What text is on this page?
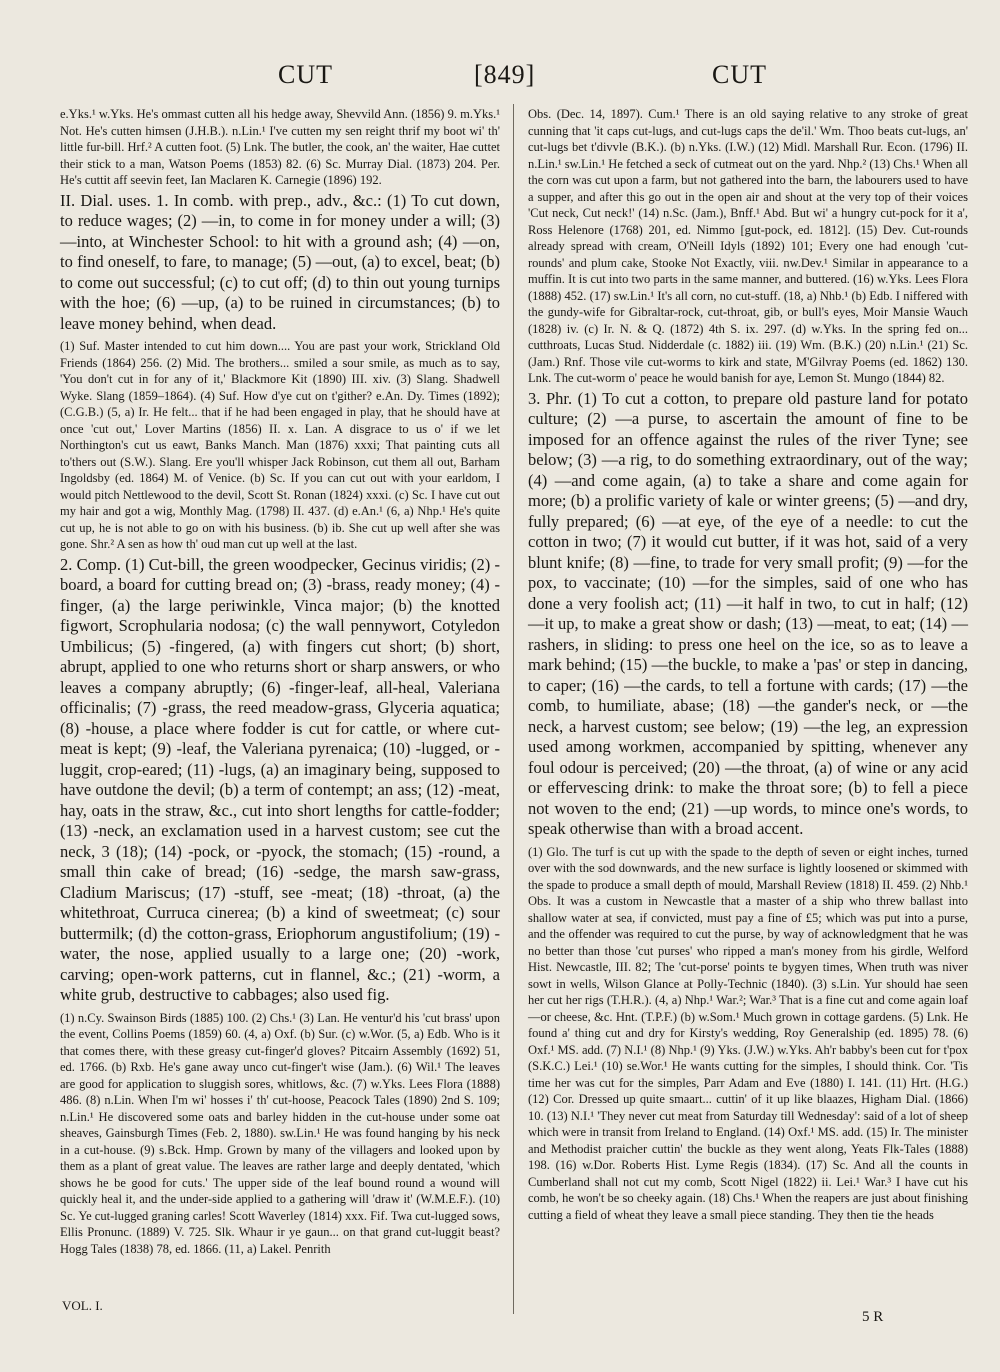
CUT	[849]	CUT

e.Yks.¹ w.Yks. He's ommast cutten all his hedge away, Shevvild Ann. (1856) 9. m.Yks.¹ Not. He's cutten himsen (J.H.B.). n.Lin.¹ I've cutten my sen reight thrif my boot wi' th' little fur-bill. Hrf.² A cutten foot. (5) Lnk. The butler, the cook, an' the waiter, Hae cuttet their stick to a man, Watson Poems (1853) 82. (6) Sc. Murray Dial. (1873) 204. Per. He's cuttit aff seevin feet, Ian Maclaren K. Carnegie (1896) 192.

II. Dial. uses. 1. In comb. with prep., adv., &c.: (1) To cut down, to reduce wages; (2) —in, to come in for money under a will; (3) —into, at Winchester School: to hit with a ground ash; (4) —on, to find oneself, to fare, to manage; (5) —out, (a) to excel, beat; (b) to come out successful; (c) to cut off; (d) to thin out young turnips with the hoe; (6) —up, (a) to be ruined in circumstances; (b) to leave money behind, when dead.

(1) Suf. Master intended to cut him down.... You are past your work, Strickland Old Friends (1864) 256. (2) Mid. The brothers... smiled a sour smile, as much as to say, 'You don't cut in for any of it,' Blackmore Kit (1890) III. xiv. (3) Slang. Shadwell Wyke. Slang (1859–1864). (4) Suf. How d'ye cut on t'gither? e.An. Dy. Times (1892); (C.G.B.) (5, a) Ir. He felt... that if he had been engaged in play, that he should have at once 'cut out,' Lover Martins (1856) II. x. Lan. A disgrace to us o' if we let Northington's cut us eawt, Banks Manch. Man (1876) xxxi; That painting cuts all to'thers out (S.W.). Slang. Ere you'll whisper Jack Robinson, cut them all out, Barham Ingoldsby (ed. 1864) M. of Venice. (b) Sc. If you can cut out with your earldom, I would pitch Nettlewood to the devil, Scott St. Ronan (1824) xxxi. (c) Sc. I have cut out my hair and got a wig, Monthly Mag. (1798) II. 437. (d) e.An.¹ (6, a) Nhp.¹ He's quite cut up, he is not able to go on with his business. (b) ib. She cut up well after she was gone. Shr.² A sen as how th' oud man cut up well at the last.

2. Comp. (1) Cut-bill, the green woodpecker, Gecinus viridis; (2) -board, a board for cutting bread on; (3) -brass, ready money; (4) -finger, (a) the large periwinkle, Vinca major; (b) the knotted figwort, Scrophularia nodosa; (c) the wall pennywort, Cotyledon Umbilicus; (5) -fingered, (a) with fingers cut short; (b) short, abrupt, applied to one who returns short or sharp answers, or who leaves a company abruptly; (6) -finger-leaf, all-heal, Valeriana officinalis; (7) -grass, the reed meadow-grass, Glyceria aquatica; (8) -house, a place where fodder is cut for cattle, or where cut-meat is kept; (9) -leaf, the Valeriana pyrenaica; (10) -lugged, or -luggit, crop-eared; (11) -lugs, (a) an imaginary being, supposed to have outdone the devil; (b) a term of contempt; an ass; (12) -meat, hay, oats in the straw, &c., cut into short lengths for cattle-fodder; (13) -neck, an exclamation used in a harvest custom; see cut the neck, 3 (18); (14) -pock, or -pyock, the stomach; (15) -round, a small thin cake of bread; (16) -sedge, the marsh saw-grass, Cladium Mariscus; (17) -stuff, see -meat; (18) -throat, (a) the whitethroat, Curruca cinerea; (b) a kind of sweetmeat; (c) sour buttermilk; (d) the cotton-grass, Eriophorum angustifolium; (19) -water, the nose, applied usually to a large one; (20) -work, carving; open-work patterns, cut in flannel, &c.; (21) -worm, a white grub, destructive to cabbages; also used fig.

(1) n.Cy. Swainson Birds (1885) 100. (2) Chs.¹ (3) Lan. He ventur'd his 'cut brass' upon the event, Collins Poems (1859) 60. (4, a) Oxf. (b) Sur. (c) w.Wor. (5, a) Edb. Who is it that comes there, with these greasy cut-finger'd gloves? Pitcairn Assembly (1692) 51, ed. 1766. (b) Rxb. He's gane away unco cut-finger't wise (Jam.). (6) Wil.¹ The leaves are good for application to sluggish sores, whitlows, &c. (7) w.Yks. Lees Flora (1888) 486. (8) n.Lin. When I'm wi' hosses i' th' cut-hoose, Peacock Tales (1890) 2nd S. 109; n.Lin.¹ He discovered some oats and barley hidden in the cut-house under some oat sheaves, Gainsburgh Times (Feb. 2, 1880). sw.Lin.¹ He was found hanging by his neck in a cut-house. (9) s.Bck. Hmp. Grown by many of the villagers and looked upon by them as a plant of great value. The leaves are rather large and deeply dentated, 'which shows he be good for cuts.' The upper side of the leaf bound round a wound will quickly heal it, and the under-side applied to a gathering will 'draw it' (W.M.E.F.). (10) Sc. Ye cut-lugged graning carles! Scott Waverley (1814) xxx. Fif. Twa cut-lugged sows, Ellis Pronunc. (1889) V. 725. Slk. Whaur ir ye gaun... on that grand cut-luggit beast? Hogg Tales (1838) 78, ed. 1866. (11, a) Lakel. Penrith

Obs. (Dec. 14, 1897). Cum.¹ There is an old saying relative to any stroke of great cunning that 'it caps cut-lugs, and cut-lugs caps the de'il.' Wm. Thoo beats cut-lugs, an' cut-lugs bet t'divvle (B.K.). (b) n.Yks. (I.W.) (12) Midl. Marshall Rur. Econ. (1796) II. n.Lin.¹ sw.Lin.¹ He fetched a seck of cutmeat out on the yard. Nhp.² (13) Chs.¹ When all the corn was cut upon a farm, but not gathered into the barn, the labourers used to have a supper, and after this go out in the open air and shout at the very top of their voices 'Cut neck, Cut neck!' (14) n.Sc. (Jam.), Bnff.¹ Abd. But wi' a hungry cut-pock for it a', Ross Helenore (1768) 201, ed. Nimmo [gut-pock, ed. 1812]. (15) Dev. Cut-rounds already spread with cream, O'Neill Idyls (1892) 101; Every one had enough 'cut-rounds' and plum cake, Stooke Not Exactly, viii. nw.Dev.¹ Similar in appearance to a muffin. It is cut into two parts in the same manner, and buttered. (16) w.Yks. Lees Flora (1888) 452. (17) sw.Lin.¹ It's all corn, no cut-stuff. (18, a) Nhb.¹ (b) Edb. I niffered with the gundy-wife for Gibraltar-rock, cut-throat, gib, or bull's eyes, Moir Mansie Wauch (1828) iv. (c) Ir. N. & Q. (1872) 4th S. ix. 297. (d) w.Yks. In the spring fed on... cutthroats, Lucas Stud. Nidderdale (c. 1882) iii. (19) Wm. (B.K.) (20) n.Lin.¹ (21) Sc. (Jam.) Rnf. Those vile cut-worms to kirk and state, M'Gilvray Poems (ed. 1862) 130. Lnk. The cut-worm o' peace he would banish for aye, Lemon St. Mungo (1844) 82.

3. Phr. (1) To cut a cotton, to prepare old pasture land for potato culture; (2) —a purse, to ascertain the amount of fine to be imposed for an offence against the rules of the river Tyne; see below; (3) —a rig, to do something extraordinary, out of the way; (4) —and come again, (a) to take a share and come again for more; (b) a prolific variety of kale or winter greens; (5) —and dry, fully prepared; (6) —at eye, of the eye of a needle: to cut the cotton in two; (7) it would cut butter, if it was hot, said of a very blunt knife; (8) —fine, to trade for very small profit; (9) —for the pox, to vaccinate; (10) —for the simples, said of one who has done a very foolish act; (11) —it half in two, to cut in half; (12) —it up, to make a great show or dash; (13) —meat, to eat; (14) —rashers, in sliding: to press one heel on the ice, so as to leave a mark behind; (15) —the buckle, to make a 'pas' or step in dancing, to caper; (16) —the cards, to tell a fortune with cards; (17) —the comb, to humiliate, abase; (18) —the gander's neck, or —the neck, a harvest custom; see below; (19) —the leg, an expression used among workmen, accompanied by spitting, whenever any foul odour is perceived; (20) —the throat, (a) of wine or any acid or effervescing drink: to make the throat sore; (b) to fell a piece not woven to the end; (21) —up words, to mince one's words, to speak otherwise than with a broad accent.

(1) Glo. The turf is cut up with the spade to the depth of seven or eight inches, turned over with the sod downwards, and the new surface is lightly loosened or skimmed with the spade to produce a small depth of mould, Marshall Review (1818) II. 459. (2) Nhb.¹ Obs. It was a custom in Newcastle that a master of a ship who threw ballast into shallow water at sea, if convicted, must pay a fine of £5; which was put into a purse, and the offender was required to cut the purse, by way of acknowledgment that he was no better than those 'cut purses' who ripped a man's money from his girdle, Welford Hist. Newcastle, III. 82; The 'cut-porse' points te bygyen times, When truth was niver sowt in wells, Wilson Glance at Polly-Technic (1840). (3) s.Lin. Yur should hae seen her cut her rigs (T.H.R.). (4, a) Nhp.¹ War.²; War.³ That is a fine cut and come again loaf—or cheese, &c. Hnt. (T.P.F.) (b) w.Som.¹ Much grown in cottage gardens. (5) Lnk. He found a' thing cut and dry for Kirsty's wedding, Roy Generalship (ed. 1895) 78. (6) Oxf.¹ MS. add. (7) N.I.¹ (8) Nhp.¹ (9) Yks. (J.W.) w.Yks. Ah'r babby's been cut for t'pox (S.K.C.) Lei.¹ (10) se.Wor.¹ He wants cutting for the simples, I should think. Cor. 'Tis time her was cut for the simples, Parr Adam and Eve (1880) I. 141. (11) Hrt. (H.G.) (12) Cor. Dressed up quite smaart... cuttin' of it up like blaazes, Higham Dial. (1866) 10. (13) N.I.¹ 'They never cut meat from Saturday till Wednesday': said of a lot of sheep which were in transit from Ireland to England. (14) Oxf.¹ MS. add. (15) Ir. The minister and Methodist praicher cuttin' the buckle as they went along, Yeats Flk-Tales (1888) 198. (16) w.Dor. Roberts Hist. Lyme Regis (1834). (17) Sc. And all the counts in Cumberland shall not cut my comb, Scott Nigel (1822) ii. Lei.¹ War.³ I have cut his comb, he won't be so cheeky again. (18) Chs.¹ When the reapers are just about finishing cutting a field of wheat they leave a small piece standing. They then tie the heads

VOL. I.
5 R
